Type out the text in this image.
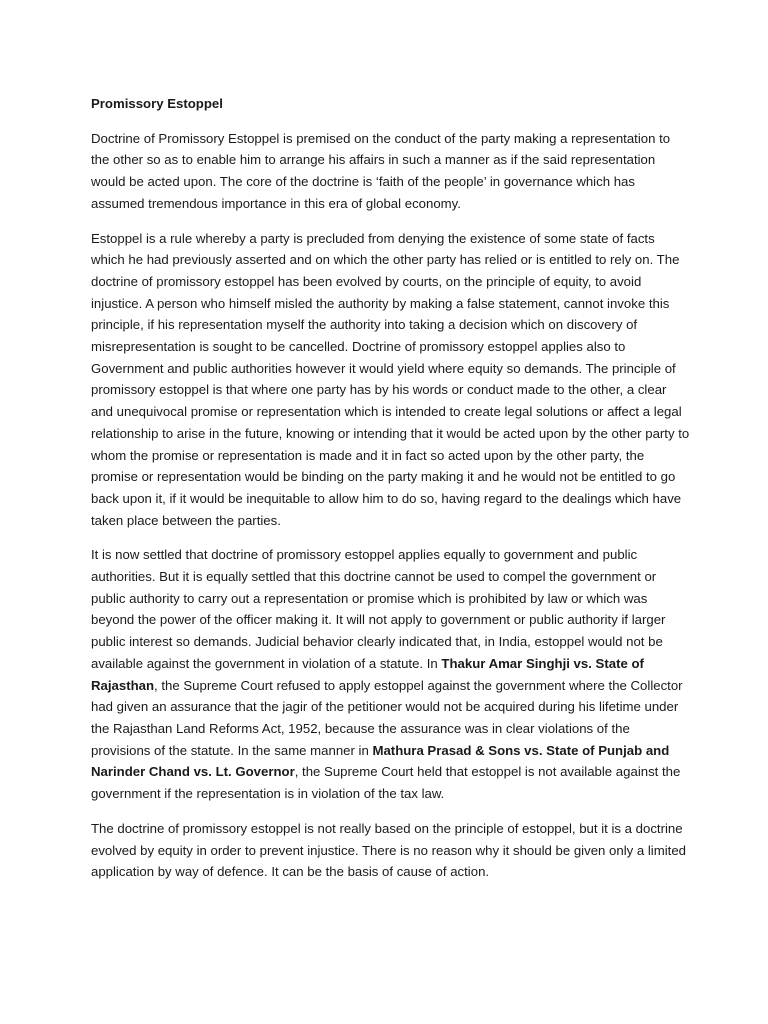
Promissory Estoppel

Doctrine of Promissory Estoppel is premised on the conduct of the party making a representation to the other so as to enable him to arrange his affairs in such a manner as if the said representation would be acted upon. The core of the doctrine is ‘faith of the people’ in governance which has assumed tremendous importance in this era of global economy.

Estoppel is a rule whereby a party is precluded from denying the existence of some state of facts which he had previously asserted and on which the other party has relied or is entitled to rely on. The doctrine of promissory estoppel has been evolved by courts, on the principle of equity, to avoid injustice. A person who himself misled the authority by making a false statement, cannot invoke this principle, if his representation myself the authority into taking a decision which on discovery of misrepresentation is sought to be cancelled. Doctrine of promissory estoppel applies also to Government and public authorities however it would yield where equity so demands. The principle of promissory estoppel is that where one party has by his words or conduct made to the other, a clear and unequivocal promise or representation which is intended to create legal solutions or affect a legal relationship to arise in the future, knowing or intending that it would be acted upon by the other party to whom the promise or representation is made and it in fact so acted upon by the other party, the promise or representation would be binding on the party making it and he would not be entitled to go back upon it, if it would be inequitable to allow him to do so, having regard to the dealings which have taken place between the parties.

It is now settled that doctrine of promissory estoppel applies equally to government and public authorities. But it is equally settled that this doctrine cannot be used to compel the government or public authority to carry out a representation or promise which is prohibited by law or which was beyond the power of the officer making it. It will not apply to government or public authority if larger public interest so demands. Judicial behavior clearly indicated that, in India, estoppel would not be available against the government in violation of a statute. In Thakur Amar Singhji vs. State of Rajasthan, the Supreme Court refused to apply estoppel against the government where the Collector had given an assurance that the jagir of the petitioner would not be acquired during his lifetime under the Rajasthan Land Reforms Act, 1952, because the assurance was in clear violations of the provisions of the statute. In the same manner in Mathura Prasad & Sons vs. State of Punjab and Narinder Chand vs. Lt. Governor, the Supreme Court held that estoppel is not available against the government if the representation is in violation of the tax law.

The doctrine of promissory estoppel is not really based on the principle of estoppel, but it is a doctrine evolved by equity in order to prevent injustice. There is no reason why it should be given only a limited application by way of defence. It can be the basis of cause of action.
